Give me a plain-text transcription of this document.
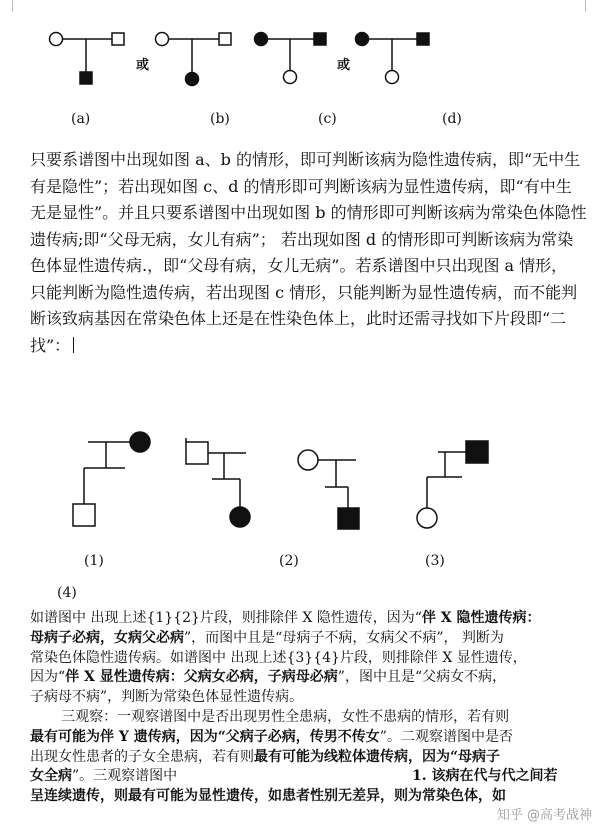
或	或
(a)	(b)	(c)	(d)
只要系谱图中出现如图 a、b 的情形，即可判断该病为隐性遗传病，即“无中生
有是隐性”；若出现如图 c、d 的情形即可判断该病为显性遗传病，即“有中生
无是显性”。并且只要系谱图中出现如图 b 的情形即可判断该病为常染色体隐性
遗传病;即“父母无病，女儿有病”； 若出现如图 d 的情形即可判断该病为常染
色体显性遗传病.，即“父母有病，女儿无病”。若系谱图中只出现图 a 情形，
只能判断为隐性遗传病，若出现图 c 情形，只能判断为显性遗传病，而不能判
断该致病基因在常染色体上还是在性染色体上，此时还需寻找如下片段即“二
找”：
(1)	(2)	(3)
(4)
如谱图中 出现上述{1}{2}片段，则排除伴 X 隐性遗传，因为“伴 X 隐性遗传病：
母病子必病，女病父必病”，而图中且是“母病子不病，女病父不病”， 判断为
常染色体隐性遗传病。如谱图中 出现上述{3}{4}片段，则排除伴 X 显性遗传，
因为“伴 X 显性遗传病：父病女必病，子病母必病”，图中且是“父病女不病，
子病母不病”，判断为常染色体显性遗传病。
三观察：一观察谱图中是否出现男性全患病，女性不患病的情形，若有则
最有可能为伴 Y 遗传病，因为“父病子必病，传男不传女”。二观察谱图中是否
出现女性患者的子女全患病，若有则最有可能为线粒体遗传病，因为“母病子
女全病”。三观察谱图中	1. 该病在代与代之间若
呈连续遗传，则最有可能为显性遗传，如患者性别无差异，则为常染色体，如
知乎 @高考战神
